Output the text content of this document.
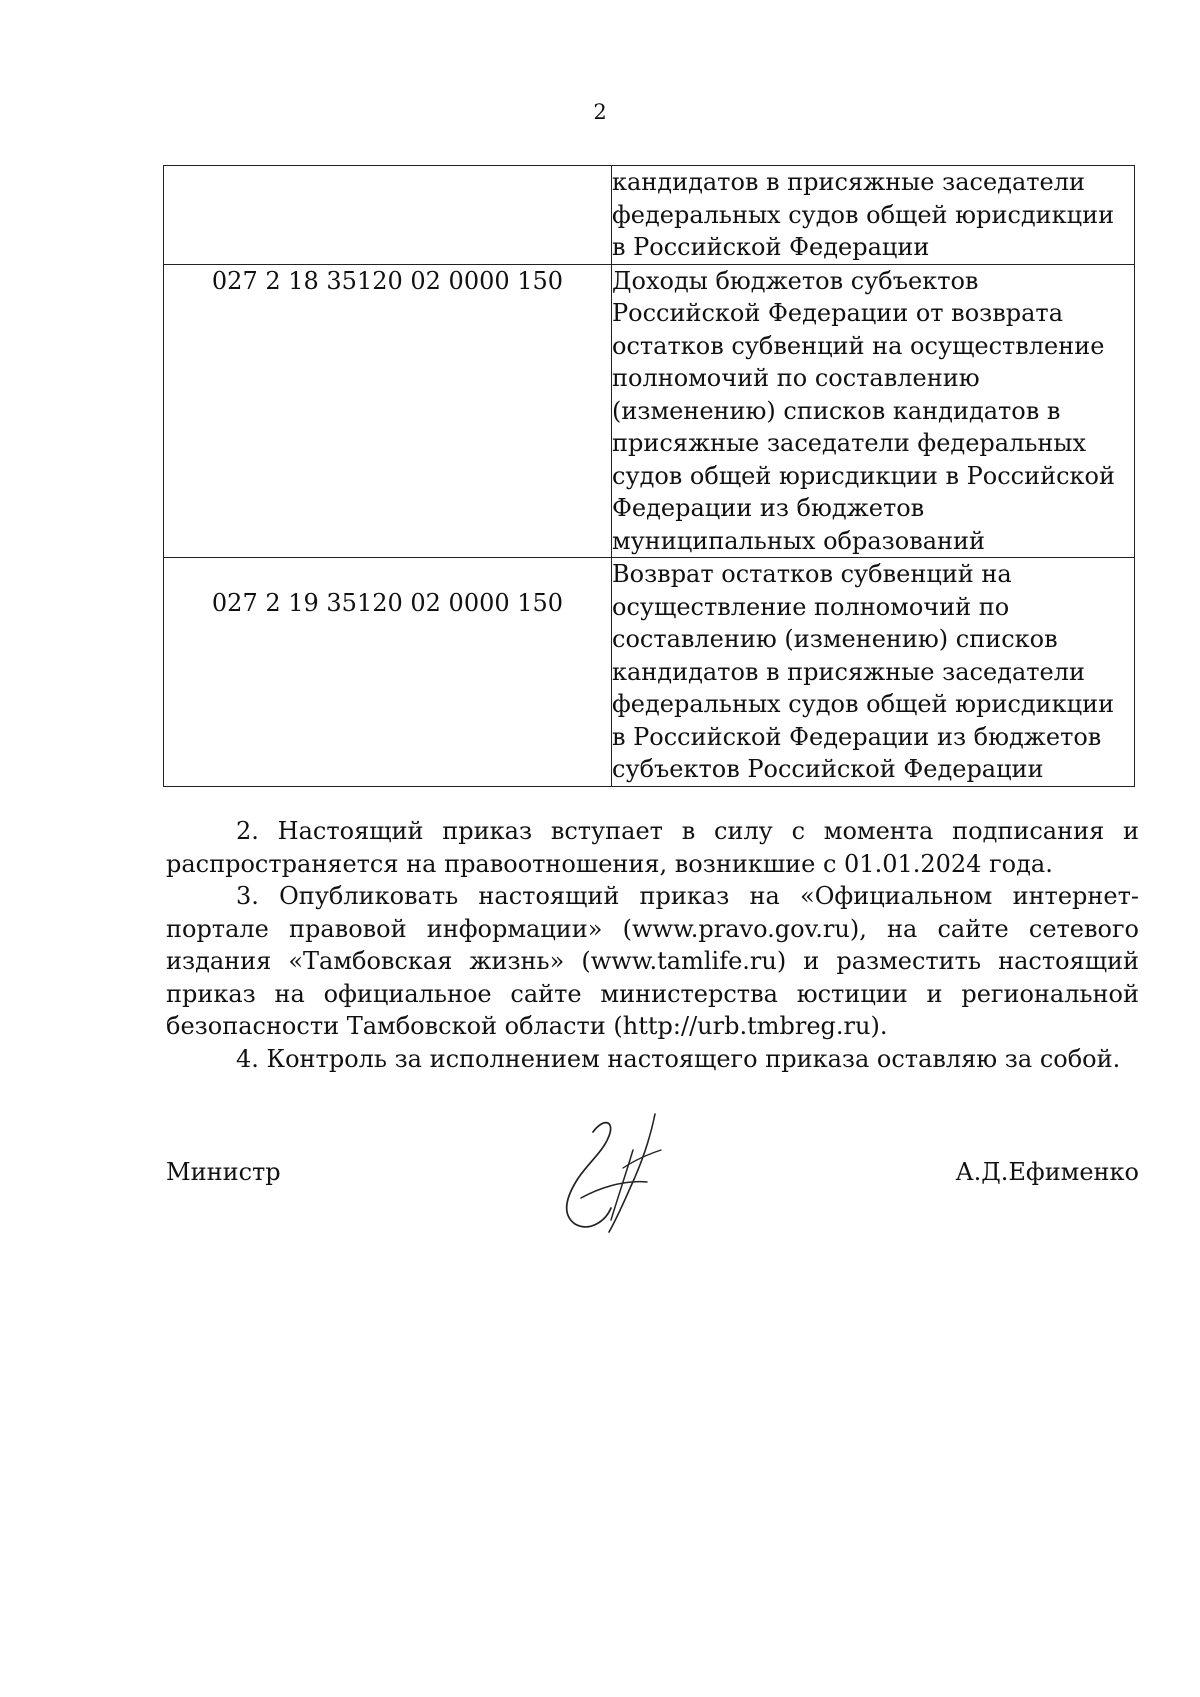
2
	кандидатов в присяжные заседатели федеральных судов общей юрисдикции в Российской Федерации

027 2 18 35120 02 0000 150	Доходы бюджетов субъектов Российской Федерации от возврата остатков субвенций на осуществление полномочий по составлению (изменению) списков кандидатов в присяжные заседатели федеральных судов общей юрисдикции в Российской Федерации из бюджетов муниципальных образований

027 2 19 35120 02 0000 150	Возврат остатков субвенций на осуществление полномочий по составлению (изменению) списков кандидатов в присяжные заседатели федеральных судов общей юрисдикции в Российской Федерации из бюджетов субъектов Российской Федерации

2. Настоящий приказ вступает в силу с момента подписания и распространяется на правоотношения, возникшие с 01.01.2024 года.

3. Опубликовать настоящий приказ на «Официальном интернет-портале правовой информации» (www.pravo.gov.ru), на сайте сетевого издания «Тамбовская жизнь» (www.tamlife.ru) и разместить настоящий приказ на официальное сайте министерства юстиции и региональной безопасности Тамбовской области (http://urb.tmbreg.ru).

4. Контроль за исполнением настоящего приказа оставляю за собой.

Министр	А.Д.Ефименко
